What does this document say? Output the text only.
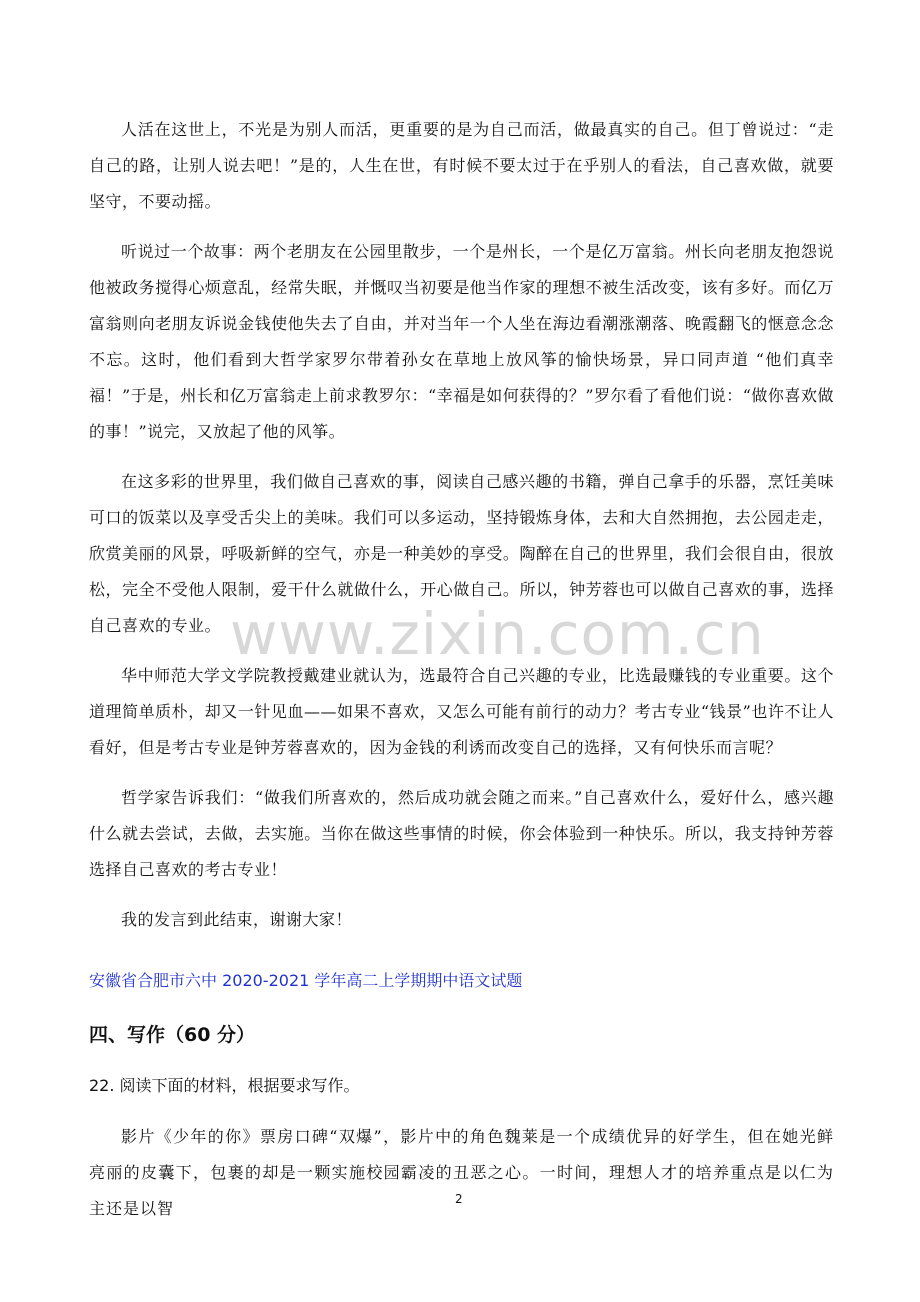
人活在这世上，不光是为别人而活，更重要的是为自己而活，做最真实的自己。但丁曾说过：“走自己的路，让别人说去吧！”是的，人生在世，有时候不要太过于在乎别人的看法，自己喜欢做，就要坚守，不要动摇。

听说过一个故事：两个老朋友在公园里散步，一个是州长，一个是亿万富翁。州长向老朋友抱怨说他被政务搅得心烦意乱，经常失眠，并慨叹当初要是他当作家的理想不被生活改变，该有多好。而亿万富翁则向老朋友诉说金钱使他失去了自由，并对当年一个人坐在海边看潮涨潮落、晚霞翻飞的惬意念念不忘。这时，他们看到大哲学家罗尔带着孙女在草地上放风筝的愉快场景，异口同声道 “他们真幸福！”于是，州长和亿万富翁走上前求教罗尔：“幸福是如何获得的？”罗尔看了看他们说：“做你喜欢做的事！”说完，又放起了他的风筝。

在这多彩的世界里，我们做自己喜欢的事，阅读自己感兴趣的书籍，弹自己拿手的乐器，烹饪美味可口的饭菜以及享受舌尖上的美味。我们可以多运动，坚持锻炼身体，去和大自然拥抱，去公园走走，欣赏美丽的风景，呼吸新鲜的空气，亦是一种美妙的享受。陶醉在自己的世界里，我们会很自由，很放松，完全不受他人限制，爱干什么就做什么，开心做自己。所以，钟芳蓉也可以做自己喜欢的事，选择自己喜欢的专业。

华中师范大学文学院教授戴建业就认为，选最符合自己兴趣的专业，比选最赚钱的专业重要。这个道理简单质朴，却又一针见血——如果不喜欢，又怎么可能有前行的动力？考古专业“钱景”也许不让人看好，但是考古专业是钟芳蓉喜欢的，因为金钱的利诱而改变自己的选择，又有何快乐而言呢？

哲学家告诉我们：“做我们所喜欢的，然后成功就会随之而来。”自己喜欢什么，爱好什么，感兴趣什么就去尝试，去做，去实施。当你在做这些事情的时候，你会体验到一种快乐。所以，我支持钟芳蓉选择自己喜欢的考古专业！

我的发言到此结束，谢谢大家！

www.zixin.com.cn
安徽省合肥市六中 2020-2021 学年高二上学期期中语文试题
四、写作（60 分）
22. 阅读下面的材料，根据要求写作。

影片《少年的你》票房口碑“双爆”，影片中的角色魏莱是一个成绩优异的好学生，但在她光鲜亮丽的皮囊下，包裹的却是一颗实施校园霸凌的丑恶之心。一时间，理想人才的培养重点是以仁为主还是以智	2
